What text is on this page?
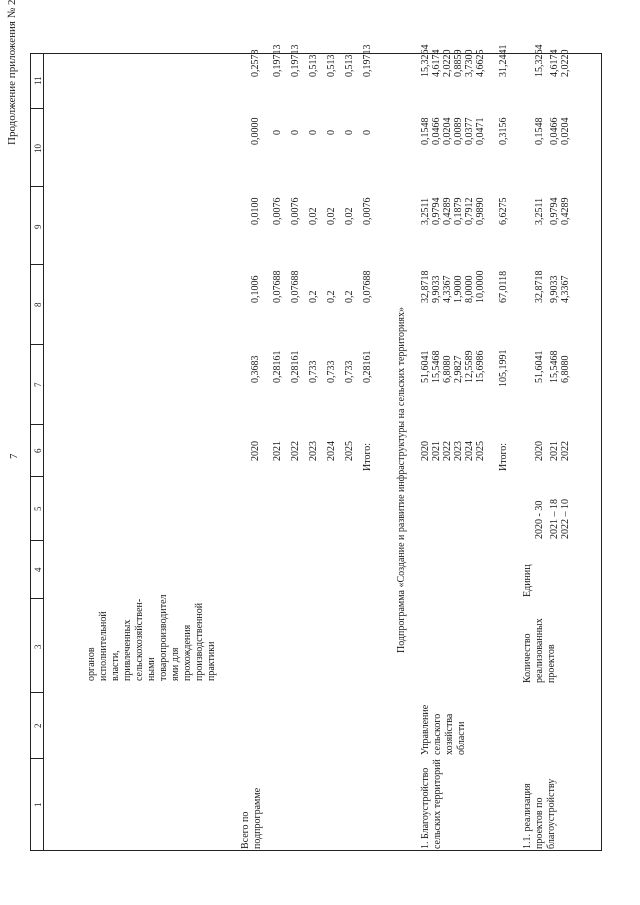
7
Продолжение приложения № 2
1
2
3
4
5
6
7
8
9
10
11
органов исполнительной власти, привлеченных сельскохозяйствен- ными товаропроизводител ями для прохождения производственной практики
Всего по подпрограмме
2020
0,3683
0,1006
0,0100
0,0000
0,2578
2021
0,28161
0,07688
0,0076
0
0,19713
2022
0,28161
0,07688
0,0076
0
0,19713
2023
0,733
0,2
0,02
0
0,513
2024
0,733
0,2
0,02
0
0,513
2025
0,733
0,2
0,02
0
0,513
Итого:
0,28161
0,07688
0,0076
0
0,19713
Подпрограмма «Создание и развитие инфраструктуры на сельских территориях»
1. Благоустройство сельских территорий
Управление сельского хозяйства области
2020
51,6041
32,8718
3,2511
0,1548
15,3264
2021
15,5468
9,9033
0,9794
0,0466
4,6174
2022
6,8080
4,3367
0,4289
0,0204
2,0220
2023
2,9827
1,9000
0,1879
0,0089
0,8859
2024
12,5589
8,0000
0,7912
0,0377
3,7300
2025
15,6986
10,0000
0,9890
0,0471
4,6625
Итого:
105,1991
67,0118
6,6275
0,3156
31,2441
1.1. реализация проектов по благоустройству
Количество реализованных проектов
Единиц
2020 - 30
2020
51,6041
32,8718
3,2511
0,1548
15,3264
2021 – 18
2021
15,5468
9,9033
0,9794
0,0466
4,6174
2022 – 10
2022
6,8080
4,3367
0,4289
0,0204
2,0220
